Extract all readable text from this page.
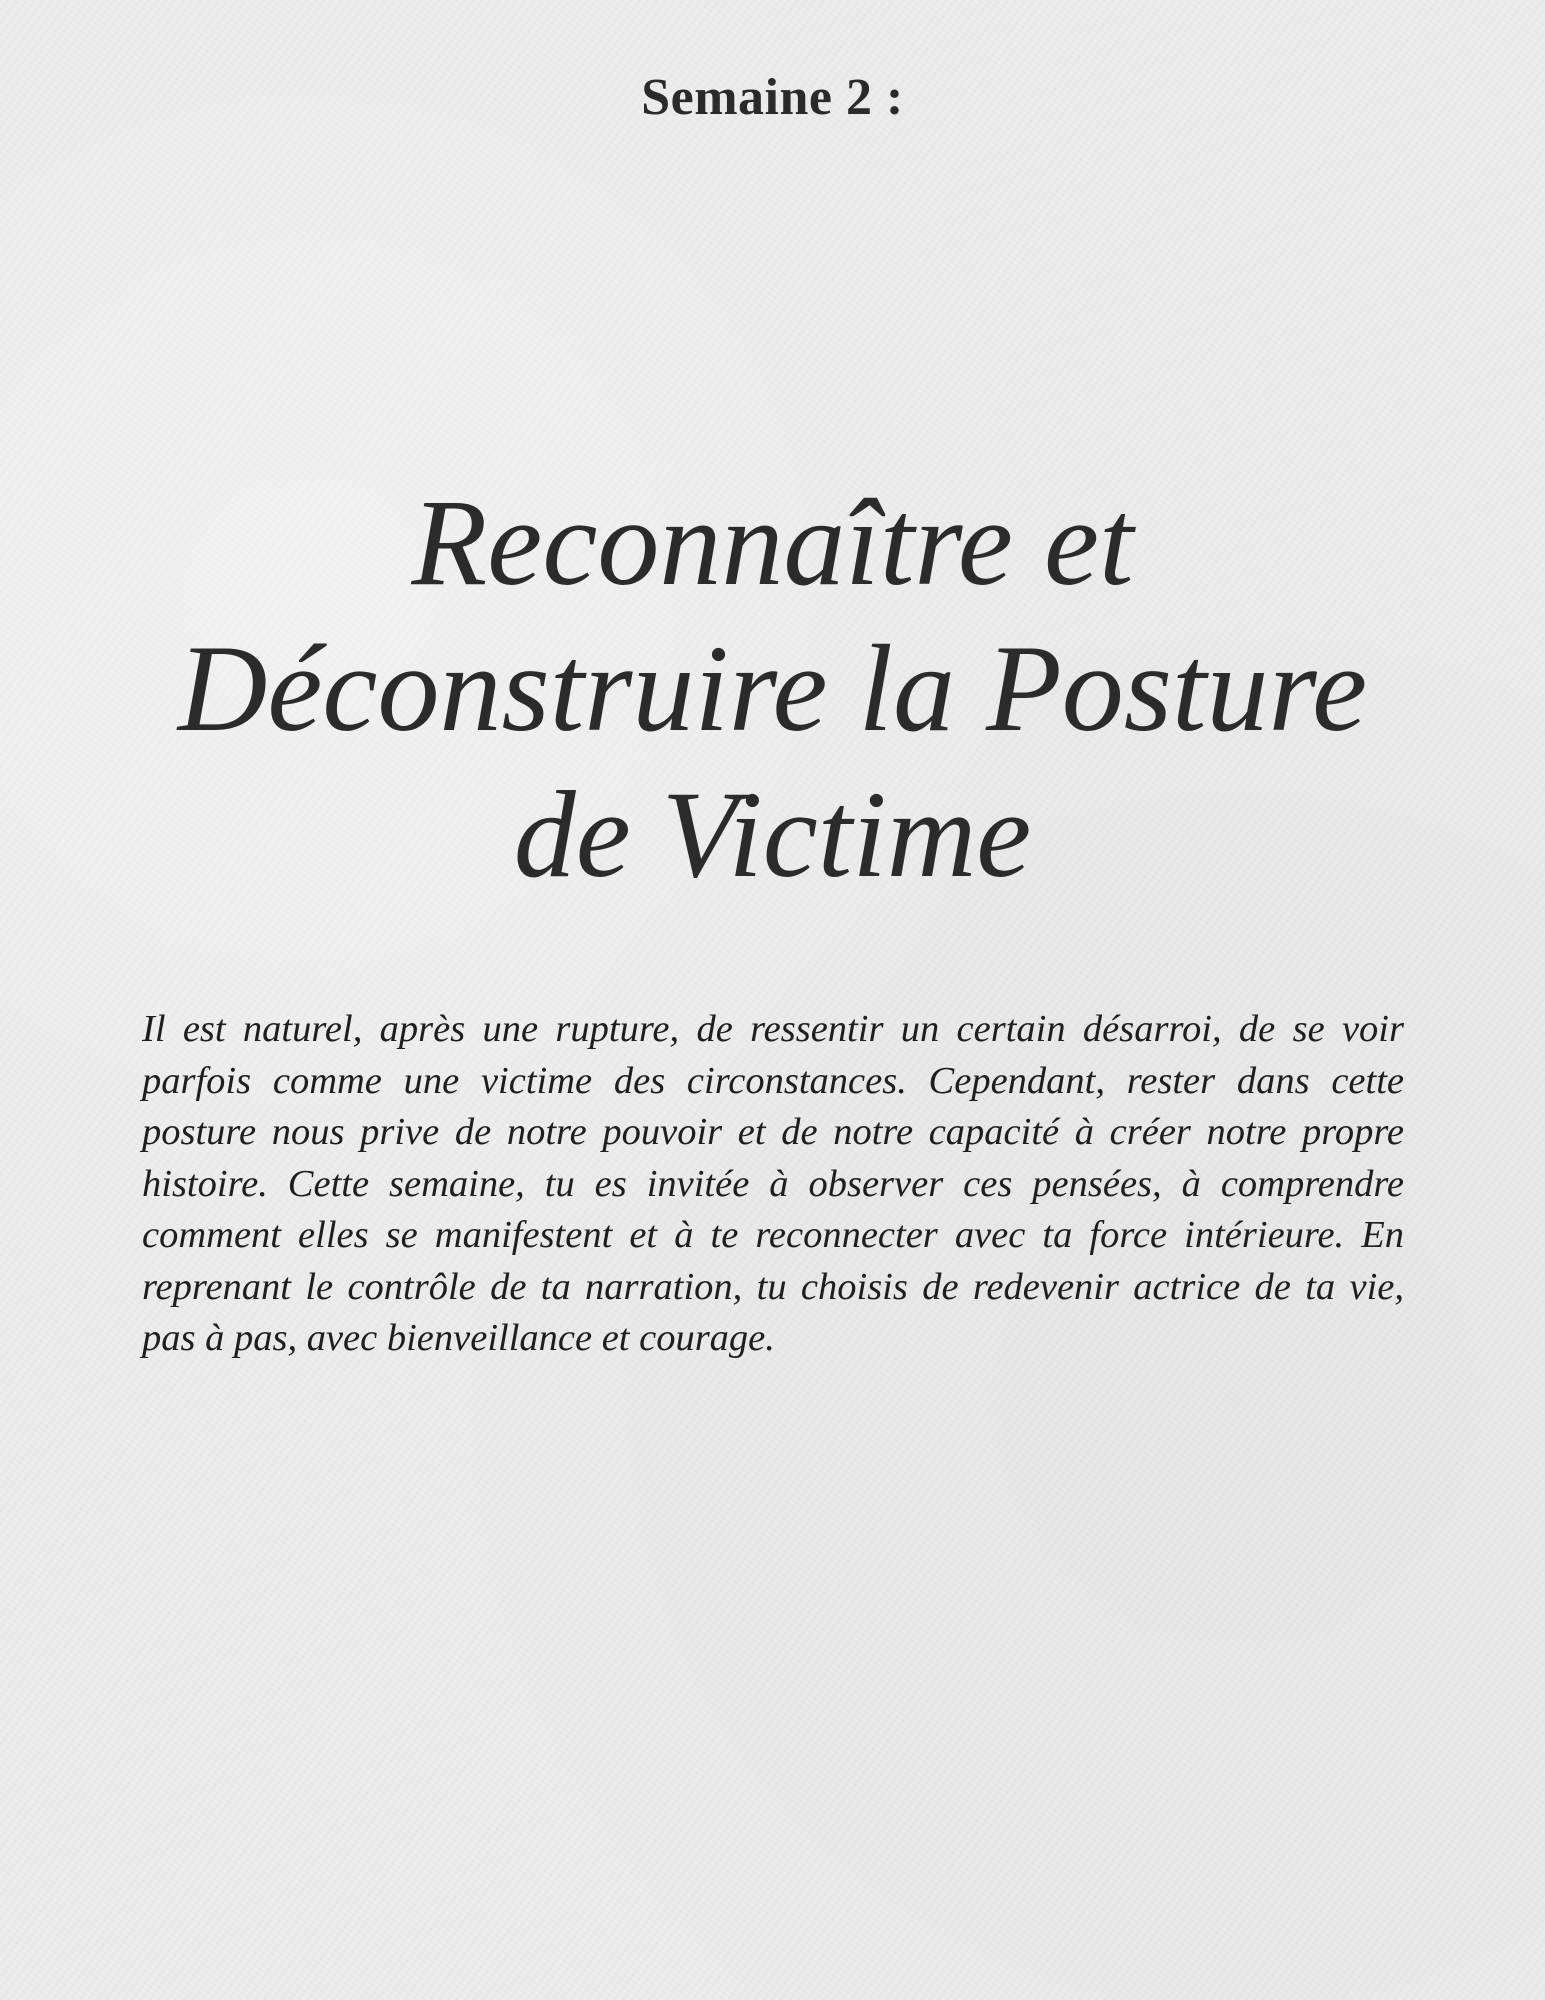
Semaine 2 :
Reconnaître et
Déconstruire la Posture
de Victime

Il est naturel, après une rupture, de ressentir un certain désarroi, de se voir parfois comme une victime des circonstances. Cependant, rester dans cette posture nous prive de notre pouvoir et de notre capacité à créer notre propre histoire. Cette semaine, tu es invitée à observer ces pensées, à comprendre comment elles se manifestent et à te reconnecter avec ta force intérieure. En reprenant le contrôle de ta narration, tu choisis de redevenir actrice de ta vie, pas à pas, avec bienveillance et courage.
